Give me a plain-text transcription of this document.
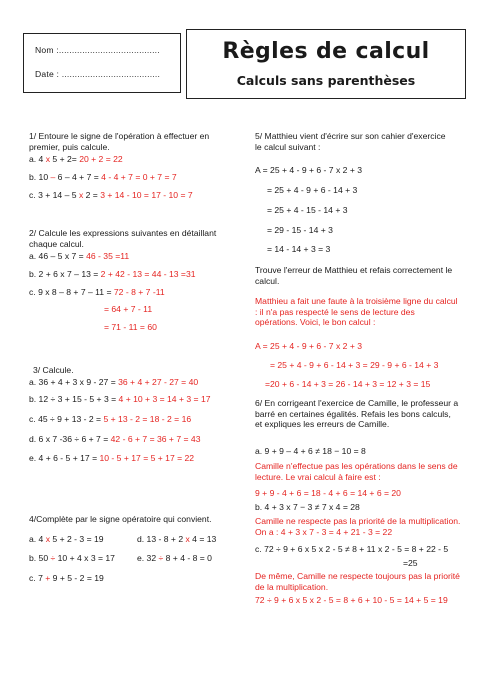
Nom :.......................................
Date : ......................................
Règles de calcul
Calculs sans parenthèses
1/ Entoure le signe de l'opération à effectuer en premier, puis calcule.
a. 4 x 5 + 2= 20 + 2 = 22
b. 10 – 6 – 4 + 7 = 4 - 4 + 7 = 0 + 7 = 7
c. 3 + 14 – 5 x 2 = 3 + 14 - 10 = 17 - 10 = 7
2/ Calcule les expressions suivantes en détaillant chaque calcul.
a. 46 – 5 x 7 = 46 - 35 =11
b. 2 + 6 x 7 – 13 = 2 + 42 - 13 = 44 - 13 =31
c. 9 x 8 – 8 + 7 – 11 = 72 - 8 + 7 -11
= 64 + 7 - 11
= 71 - 11 = 60
3/ Calcule.
a. 36 + 4 + 3 x 9 - 27 = 36 + 4 + 27 - 27 = 40
b. 12 ÷ 3 + 15 - 5 + 3 = 4 + 10 + 3 = 14 + 3 = 17
c. 45 ÷ 9 + 13 - 2 = 5 + 13 - 2 = 18 - 2 = 16
d. 6 x 7 -36 ÷ 6 + 7 = 42 - 6 + 7 = 36 + 7 = 43
e. 4 + 6 - 5 + 17 = 10 - 5 + 17 = 5 + 17 = 22
4/Complète par le signe opératoire qui convient.
a. 4 x 5 + 2 - 3 = 19	d. 13 - 8 + 2 x 4 = 13
b. 50 ÷ 10 + 4 x 3 = 17	e. 32 ÷ 8 + 4 - 8 = 0
c. 7 + 9 + 5 - 2 = 19
5/ Matthieu vient d'écrire sur son cahier d'exercice le calcul suivant :
A = 25 + 4 - 9 + 6 - 7 x 2 + 3
= 25 + 4 - 9 + 6 - 14 + 3
= 25 + 4 - 15 - 14 + 3
= 29 - 15 - 14 + 3
= 14 - 14 + 3 = 3
Trouve l'erreur de Matthieu et refais correctement le calcul.
Matthieu a fait une faute à la troisième ligne du calcul : il n'a pas respecté le sens de lecture des opérations. Voici, le bon calcul :
A = 25 + 4 - 9 + 6 - 7 x 2 + 3
= 25 + 4 - 9 + 6 - 14 + 3 = 29 - 9 + 6 - 14 + 3
=20 + 6 - 14 + 3 = 26 - 14 + 3 = 12 + 3 = 15
6/ En corrigeant l'exercice de Camille, le professeur a barré en certaines égalités. Refais les bons calculs, et expliques les erreurs de Camille.
a. 9 + 9 – 4 + 6 ≠ 18 − 10 = 8
Camille n'effectue pas les opérations dans le sens de lecture. Le vrai calcul à faire est :
9 + 9 - 4 + 6 = 18 - 4 + 6 = 14 + 6 = 20
b. 4 + 3 x 7 − 3 ≠ 7 x 4 = 28
Camille ne respecte pas la priorité de la multiplication. On a : 4 + 3 x 7 - 3 = 4 + 21 - 3 = 22
c. 72 ÷ 9 + 6 x 5 x 2 - 5 ≠ 8 + 11 x 2 - 5 = 8 + 22 - 5
=25
De même, Camille ne respecte toujours pas la priorité de la multiplication.
72 ÷ 9 + 6 x 5 x 2 - 5 = 8 + 6 + 10 - 5 = 14 + 5 = 19
